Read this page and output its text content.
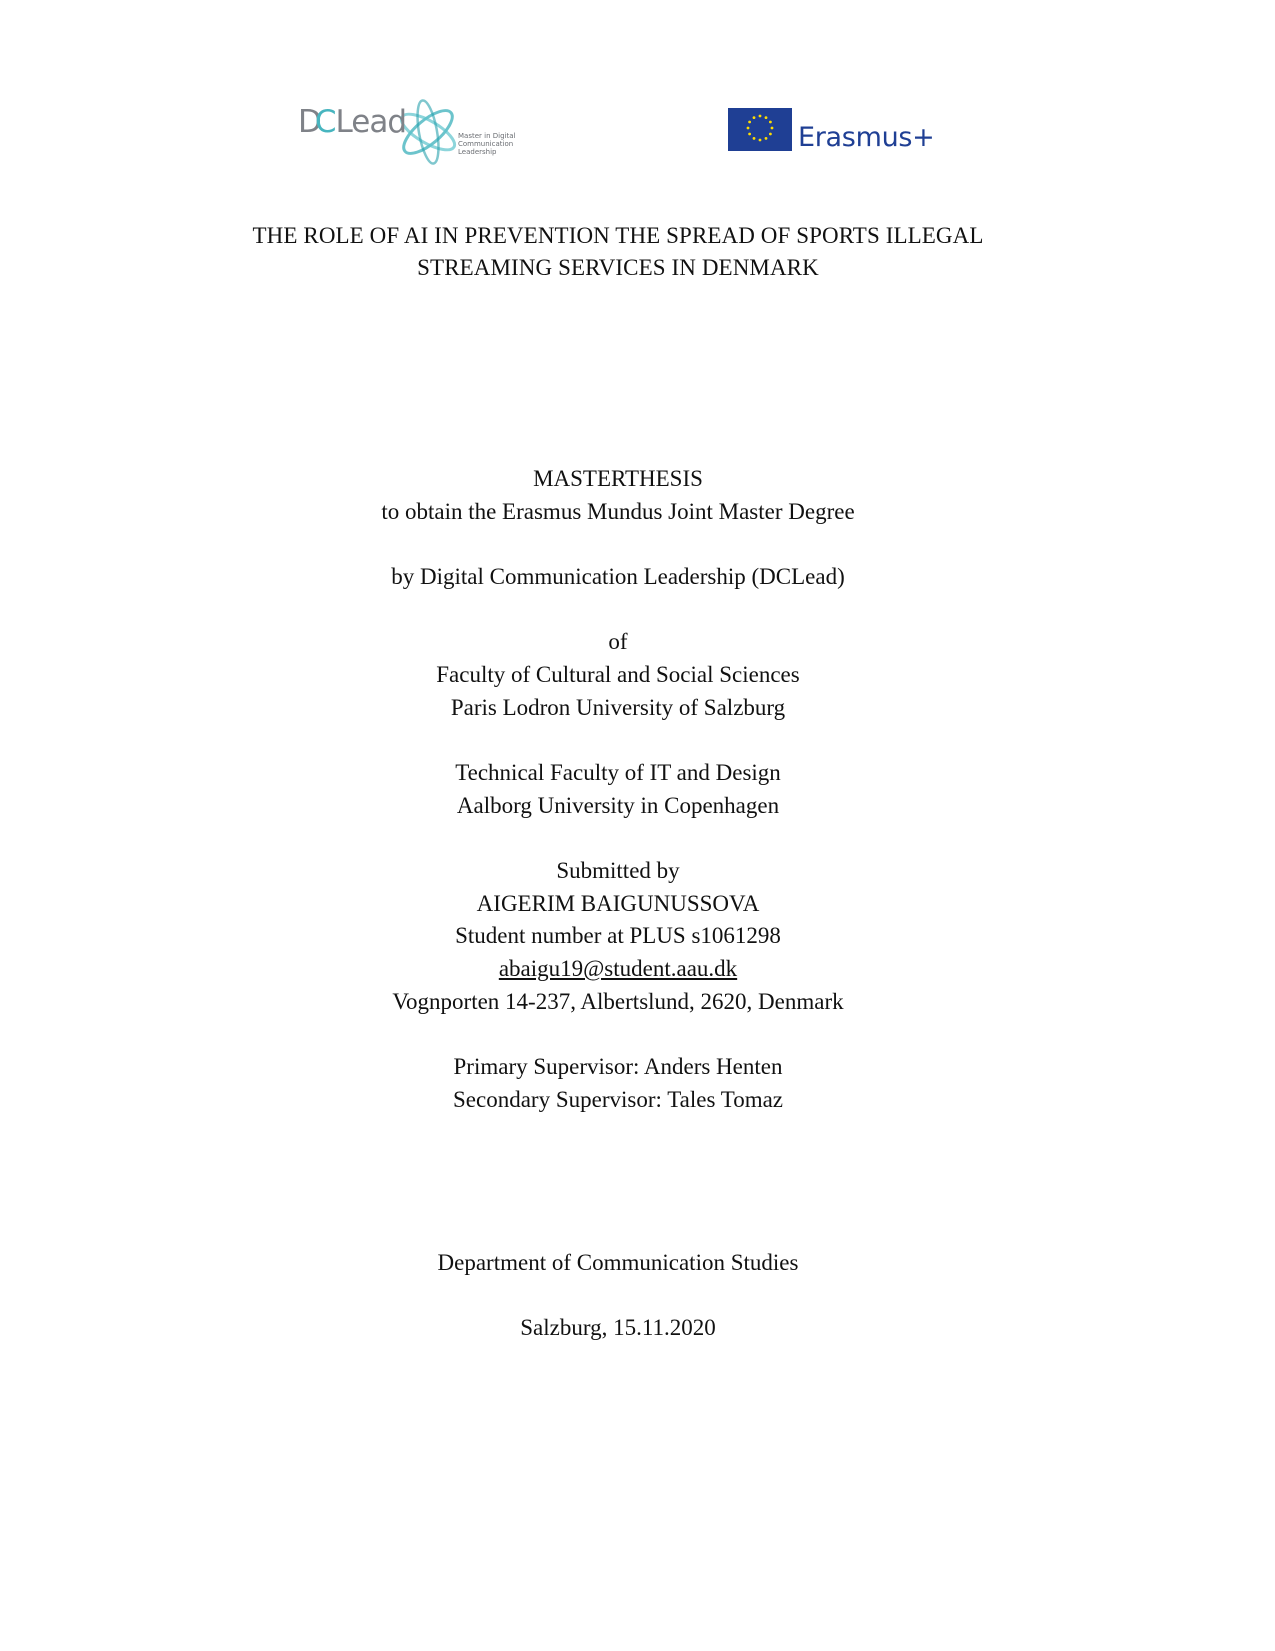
DCLead	Master in Digital
Communication
Leadership	Erasmus+
THE ROLE OF AI IN PREVENTION THE SPREAD OF SPORTS ILLEGAL
STREAMING SERVICES IN DENMARK
MASTERTHESIS
to obtain the Erasmus Mundus Joint Master Degree
by Digital Communication Leadership (DCLead)
of
Faculty of Cultural and Social Sciences
Paris Lodron University of Salzburg
Technical Faculty of IT and Design
Aalborg University in Copenhagen
Submitted by
AIGERIM BAIGUNUSSOVA
Student number at PLUS s1061298
abaigu19@student.aau.dk
Vognporten 14-237, Albertslund, 2620, Denmark
Primary Supervisor: Anders Henten
Secondary Supervisor: Tales Tomaz
Department of Communication Studies
Salzburg, 15.11.2020
